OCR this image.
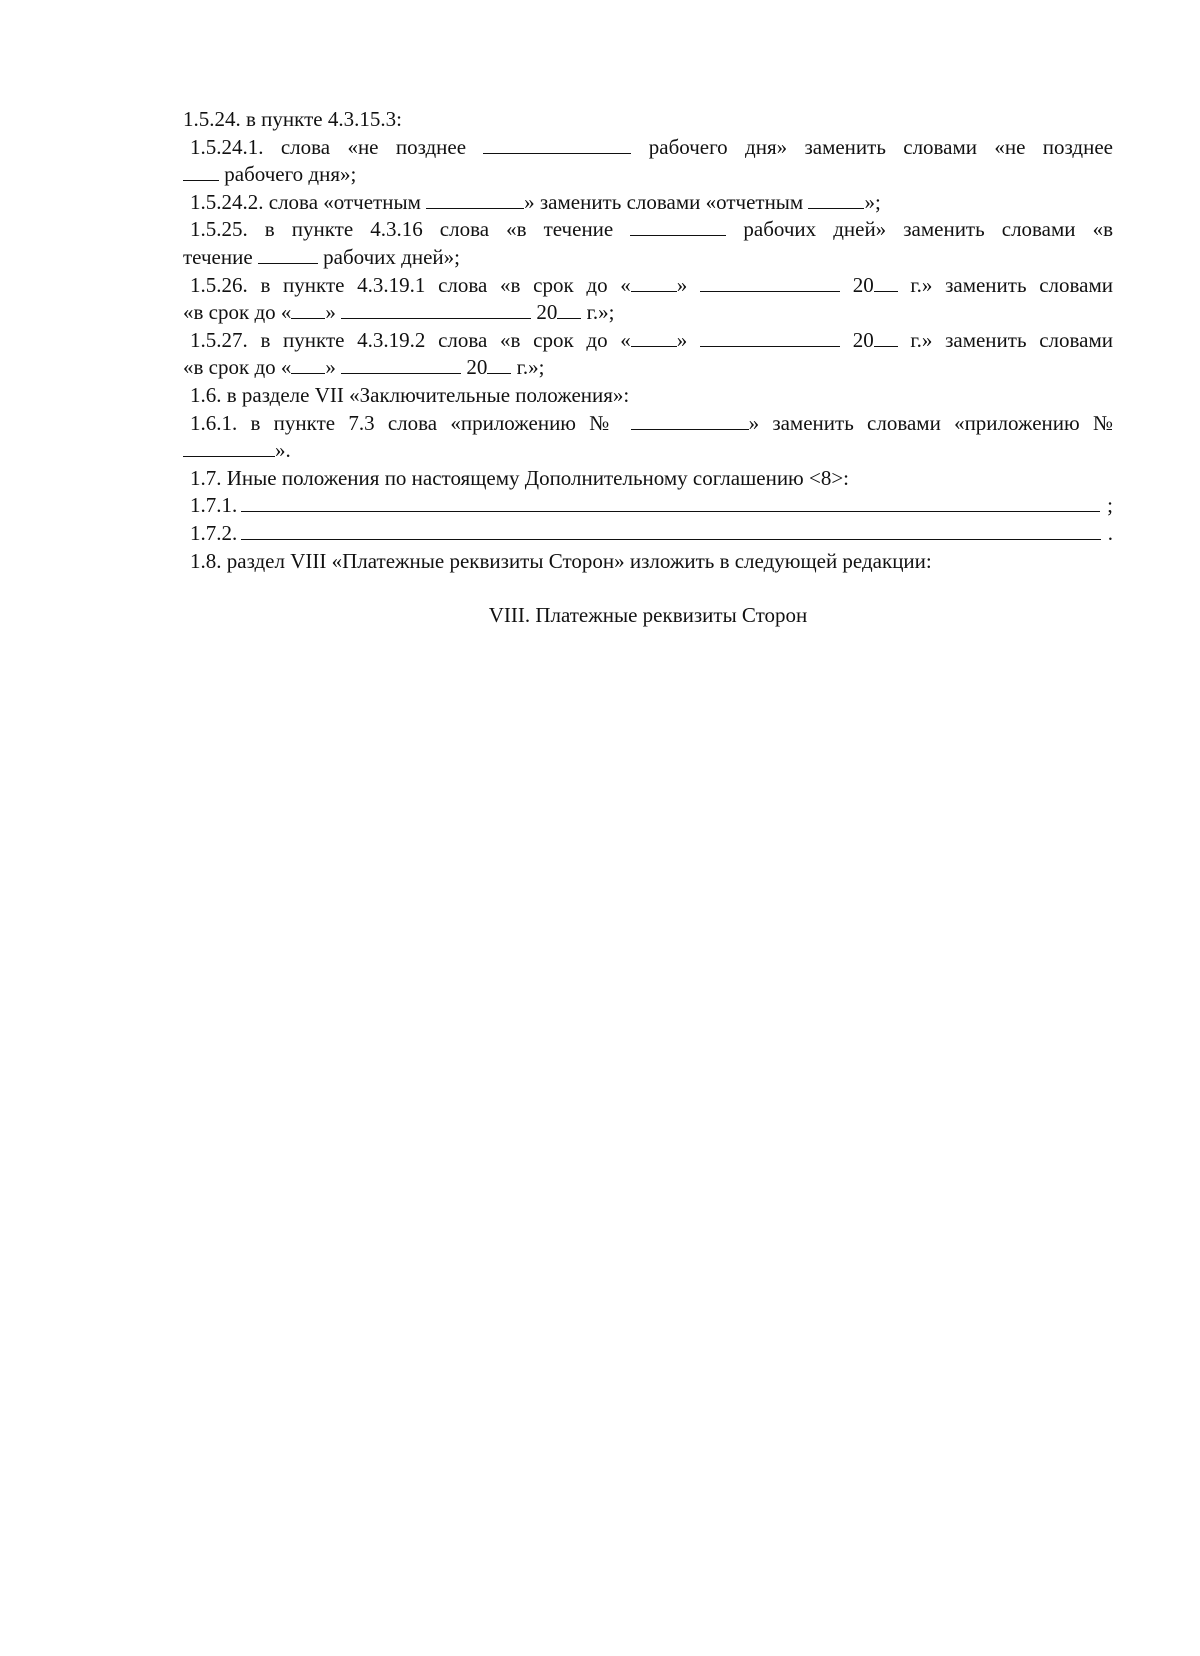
1.5.24. в пункте 4.3.15.3:

1.5.24.1. слова «не позднее	рабочего дня» заменить словами «не позднее

рабочего дня»;

1.5.24.2. слова «отчетным	» заменить словами «отчетным	»;

1.5.25. в пункте 4.3.16 слова «в течение	рабочих дней» заменить словами «в

течение	рабочих дней»;

1.5.26. в пункте 4.3.19.1 слова «в срок до « »	20 г.» заменить словами

«в срок до « »	20 г.»;

1.5.27. в пункте 4.3.19.2 слова «в срок до « »	20 г.» заменить словами

«в срок до « »	20 г.»;

1.6. в разделе VII «Заключительные положения»:

1.6.1. в пункте 7.3 слова «приложению №	» заменить словами «приложению №

».

1.7. Иные положения по настоящему Дополнительному соглашению <8>:

1.7.1.	;
1.7.2.	.

1.8. раздел VIII «Платежные реквизиты Сторон» изложить в следующей редакции:

VIII. Платежные реквизиты Сторон
